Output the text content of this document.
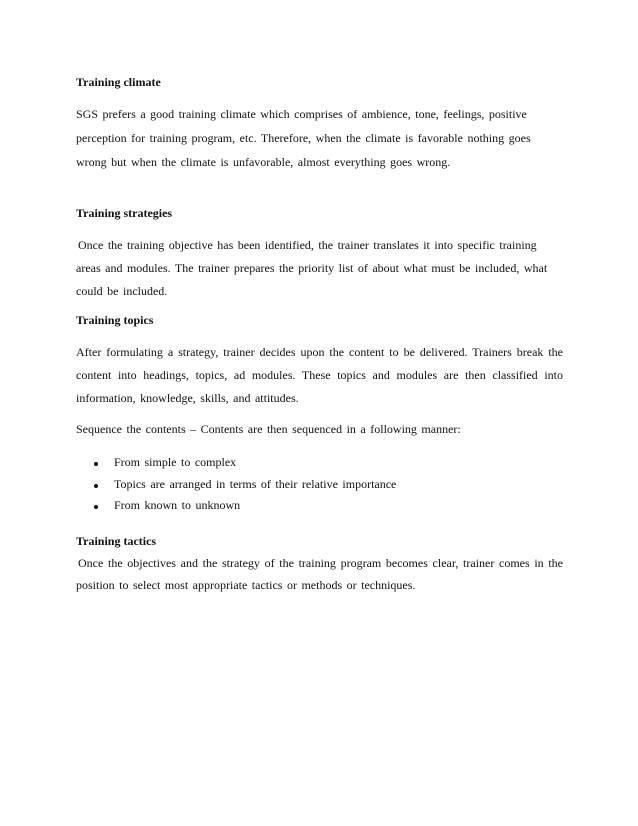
Training climate
SGS prefers a good training climate which comprises of ambience, tone, feelings, positive
perception for training program, etc. Therefore, when the climate is favorable nothing goes
wrong but when the climate is unfavorable, almost everything goes wrong.
Training strategies
Once the training objective has been identified, the trainer translates it into specific training
areas and modules. The trainer prepares the priority list of about what must be included, what
could be included.
Training topics
After formulating a strategy, trainer decides upon the content to be delivered. Trainers break the
content into headings, topics, ad modules. These topics and modules are then classified into
information, knowledge, skills, and attitudes.
Sequence the contents – Contents are then sequenced in a following manner:
From simple to complex
Topics are arranged in terms of their relative importance
From known to unknown
Training tactics
Once the objectives and the strategy of the training program becomes clear, trainer comes in the
position to select most appropriate tactics or methods or techniques.
